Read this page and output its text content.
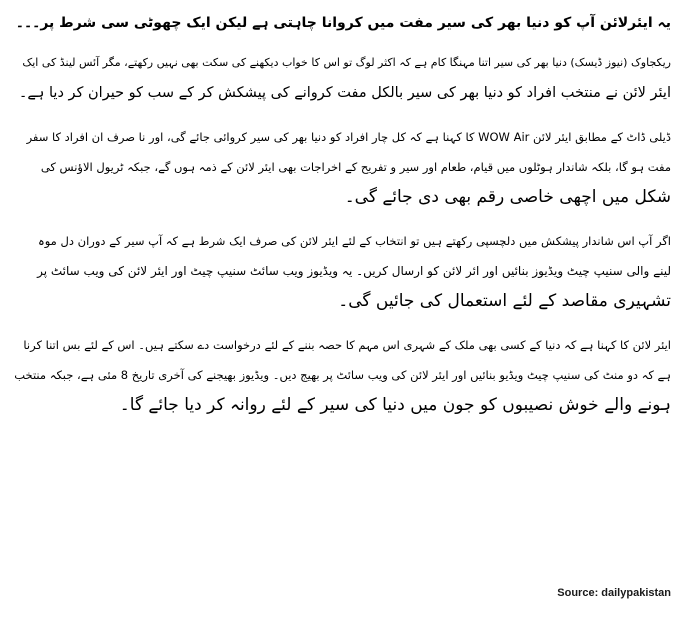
یہ ایئرلائن آپ کو دنیا بھر کی سیر مفت میں کروانا چاہتی ہے لیکن ایک چھوٹی سی شرط پر۔۔۔

ریکجاوک (نیوز ڈیسک) دنیا بھر کی سیر اتنا مہنگا کام ہے کہ اکثر لوگ تو اس کا خواب دیکھنے کی سکت بھی نہیں رکھتے، مگر آئس لینڈ کی ایک
ایئر لائن نے منتخب افراد کو دنیا بھر کی سیر بالکل مفت کروانے کی پیشکش کر کے سب کو حیران کر دیا ہے۔

ڈیلی ڈاٹ کے مطابق ایئر لائن WOW Air کا کہنا ہے کہ کل چار افراد کو دنیا بھر کی سیر کروائی جائے گی، اور نا صرف ان افراد کا سفر
مفت ہو گا، بلکہ شاندار ہوٹلوں میں قیام، طعام اور سیر و تفریح کے اخراجات بھی ایئر لائن کے ذمہ ہوں گے، جبکہ ٹریول الاؤنس کی
شکل میں اچھی خاصی رقم بھی دی جائے گی۔

اگر آپ اس شاندار پیشکش میں دلچسپی رکھتے ہیں تو انتخاب کے لئے ایئر لائن کی صرف ایک شرط ہے کہ آپ سیر کے دوران دل موہ
لینے والی سنیپ چیٹ ویڈیوز بنائیں اور ائر لائن کو ارسال کریں۔ یہ ویڈیوز ویب سائٹ سنیپ چیٹ اور ایئر لائن کی ویب سائٹ پر
تشہیری مقاصد کے لئے استعمال کی جائیں گی۔

ایئر لائن کا کہنا ہے کہ دنیا کے کسی بھی ملک کے شہری اس مہم کا حصہ بننے کے لئے درخواست دے سکتے ہیں۔ اس کے لئے بس اتنا کرنا
ہے کہ دو منٹ کی سنیپ چیٹ ویڈیو بنائیں اور ایئر لائن کی ویب سائٹ پر بھیج دیں۔ ویڈیوز بھیجنے کی آخری تاریخ 8 مئی ہے، جبکہ منتخب
ہونے والے خوش نصیبوں کو جون میں دنیا کی سیر کے لئے روانہ کر دیا جائے گا۔

Source: dailypakistan
